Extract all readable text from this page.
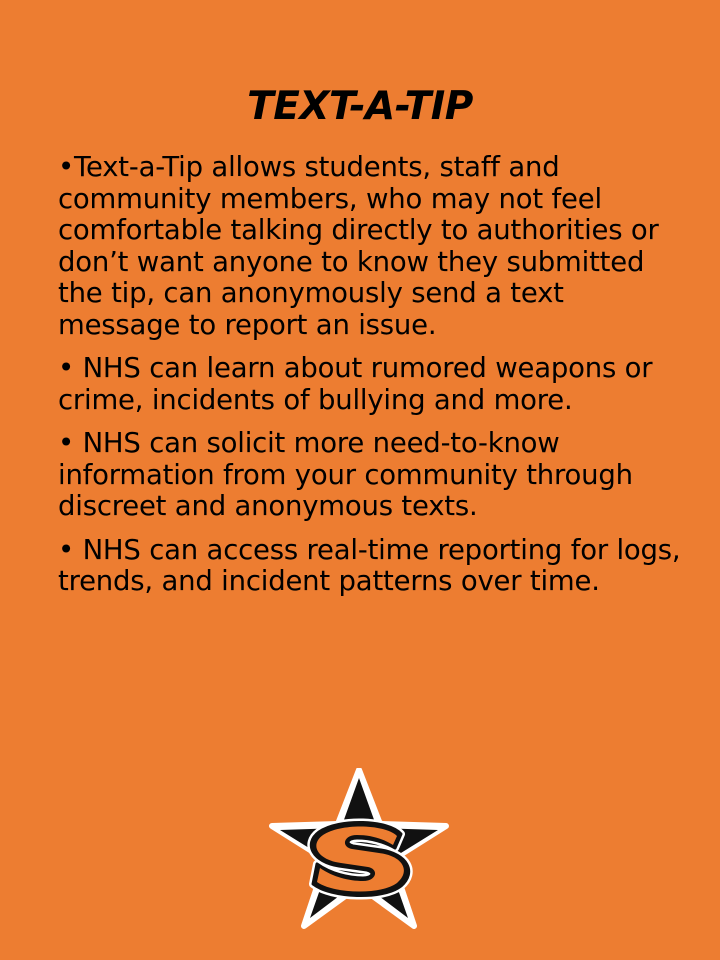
TEXT-A-TIP
•Text-a-Tip allows students, staff and community members, who may not feel comfortable talking directly to authorities or don’t want anyone to know they submitted the tip, can anonymously send a text message to report an issue.
• NHS can learn about rumored weapons or crime, incidents of bullying and more.
• NHS can solicit more need-to-know information from your community through discreet and anonymous texts.
• NHS can access real-time reporting for logs, trends, and incident patterns over time.
